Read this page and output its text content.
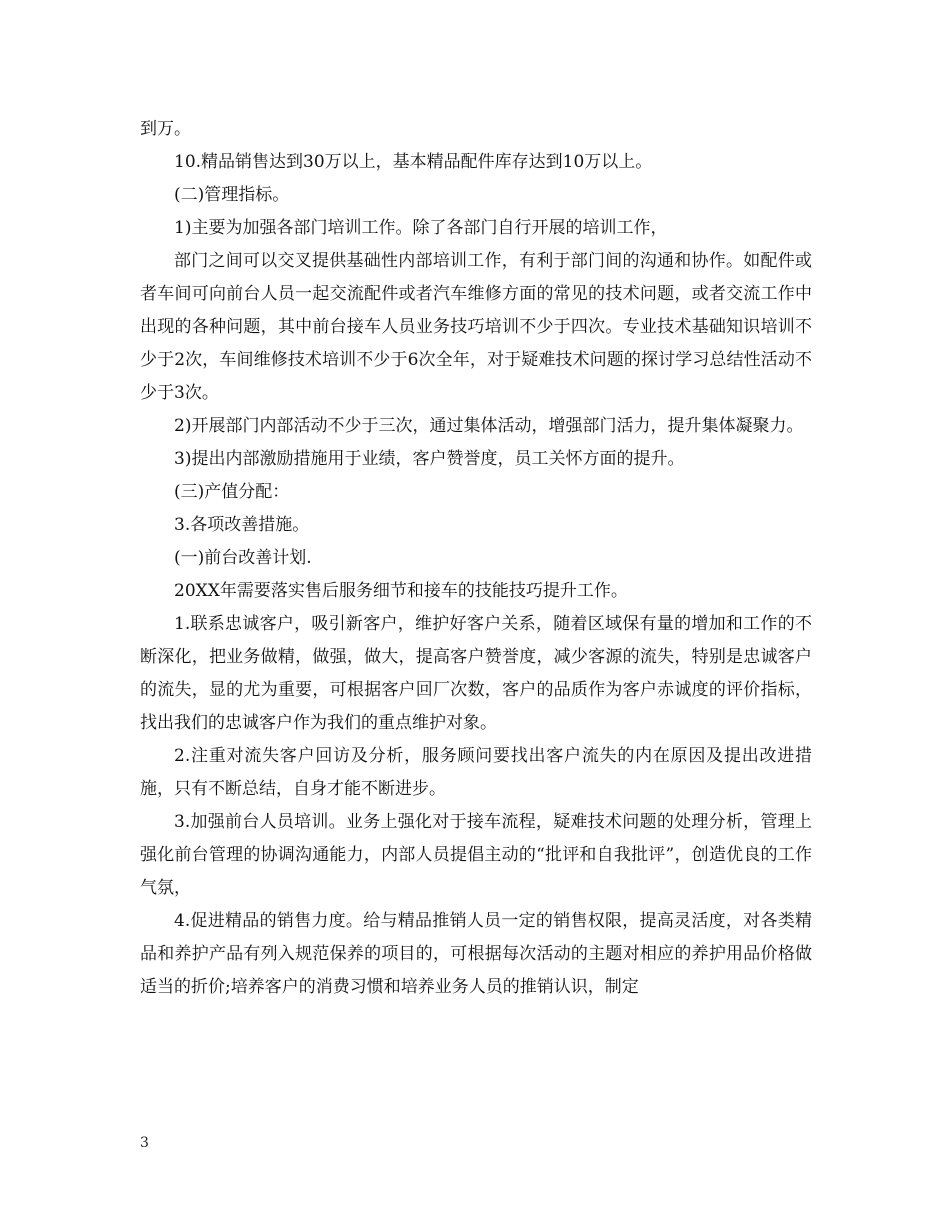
到万。

10.精品销售达到30万以上，基本精品配件库存达到10万以上。

(二)管理指标。

1)主要为加强各部门培训工作。除了各部门自行开展的培训工作，

部门之间可以交叉提供基础性内部培训工作，有利于部门间的沟通和协作。如配件或者车间可向前台人员一起交流配件或者汽车维修方面的常见的技术问题，或者交流工作中出现的各种问题，其中前台接车人员业务技巧培训不少于四次。专业技术基础知识培训不少于2次，车间维修技术培训不少于6次全年，对于疑难技术问题的探讨学习总结性活动不少于3次。

2)开展部门内部活动不少于三次，通过集体活动，增强部门活力，提升集体凝聚力。

3)提出内部激励措施用于业绩，客户赞誉度，员工关怀方面的提升。

(三)产值分配：

3.各项改善措施。

(一)前台改善计划.

20XX年需要落实售后服务细节和接车的技能技巧提升工作。

1.联系忠诚客户，吸引新客户，维护好客户关系，随着区域保有量的增加和工作的不断深化，把业务做精，做强，做大，提高客户赞誉度，减少客源的流失，特别是忠诚客户的流失，显的尤为重要，可根据客户回厂次数，客户的品质作为客户赤诚度的评价指标，找出我们的忠诚客户作为我们的重点维护对象。

2.注重对流失客户回访及分析，服务顾问要找出客户流失的内在原因及提出改进措施，只有不断总结，自身才能不断进步。

3.加强前台人员培训。业务上强化对于接车流程，疑难技术问题的处理分析，管理上强化前台管理的协调沟通能力，内部人员提倡主动的“批评和自我批评”，创造优良的工作气氛，

4.促进精品的销售力度。给与精品推销人员一定的销售权限，提高灵活度，对各类精品和养护产品有列入规范保养的项目的，可根据每次活动的主题对相应的养护用品价格做适当的折价;培养客户的消费习惯和培养业务人员的推销认识，制定

3
